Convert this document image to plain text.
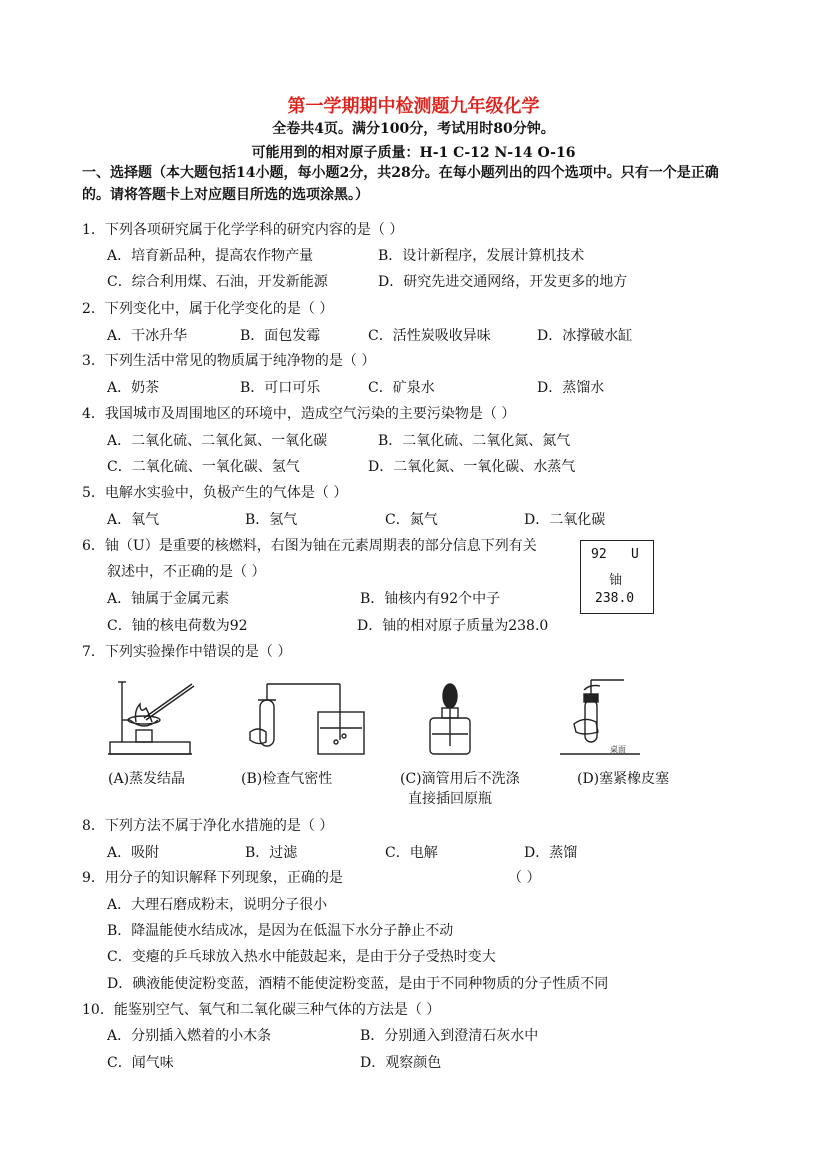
第一学期期中检测题九年级化学
全卷共4页。满分100分，考试用时80分钟。
可能用到的相对原子质量：H-1 C-12 N-14 O-16
一、选择题（本大题包括14小题，每小题2分，共28分。在每小题列出的四个选项中。只有一个是正确
的。请将答题卡上对应题目所选的选项涂黑。）
1．下列各项研究属于化学学科的研究内容的是（ ）
A．培育新品种，提高农作物产量	B．设计新程序，发展计算机技术
C．综合利用煤、石油，开发新能源	D．研究先进交通网络，开发更多的地方
2．下列变化中，属于化学变化的是（ ）
A．干冰升华	B．面包发霉	C．活性炭吸收异味	D．冰撑破水缸
3．下列生活中常见的物质属于纯净物的是（ ）
A．奶茶	B．可口可乐	C．矿泉水	D．蒸馏水
4．我国城市及周围地区的环境中，造成空气污染的主要污染物是（ ）
A．二氧化硫、二氧化氮、一氧化碳	B．二氧化硫、二氧化氮、氮气
C．二氧化硫、一氧化碳、氢气	D．二氧化氮、一氧化碳、水蒸气
5．电解水实验中，负极产生的气体是（ ）
A．氧气	B．氢气	C．氮气	D．二氧化碳
6．铀（U）是重要的核燃料，右图为铀在元素周期表的部分信息下列有关
叙述中，不正确的是（ ）
A．铀属于金属元素	B．铀核内有92个中子
C．铀的核电荷数为92	D．铀的相对原子质量为238.0
92 U
铀
238.0
7．下列实验操作中错误的是（ ）
桌面
(A)蒸发结晶	(B)检查气密性	(C)滴管用后不洗涤
直接插回原瓶
(D)塞紧橡皮塞
8．下列方法不属于净化水措施的是（ ）
A．吸附	B．过滤	C．电解	D．蒸馏
9．用分子的知识解释下列现象，正确的是	（ ）
A．大理石磨成粉末，说明分子很小
B．降温能使水结成冰，是因为在低温下水分子静止不动
C．变瘪的乒乓球放入热水中能鼓起来，是由于分子受热时变大
D．碘液能使淀粉变蓝，酒精不能使淀粉变蓝，是由于不同种物质的分子性质不同
10．能鉴别空气、氧气和二氧化碳三种气体的方法是（ ）
A．分别插入燃着的小木条	B．分别通入到澄清石灰水中
C．闻气味	D．观察颜色
